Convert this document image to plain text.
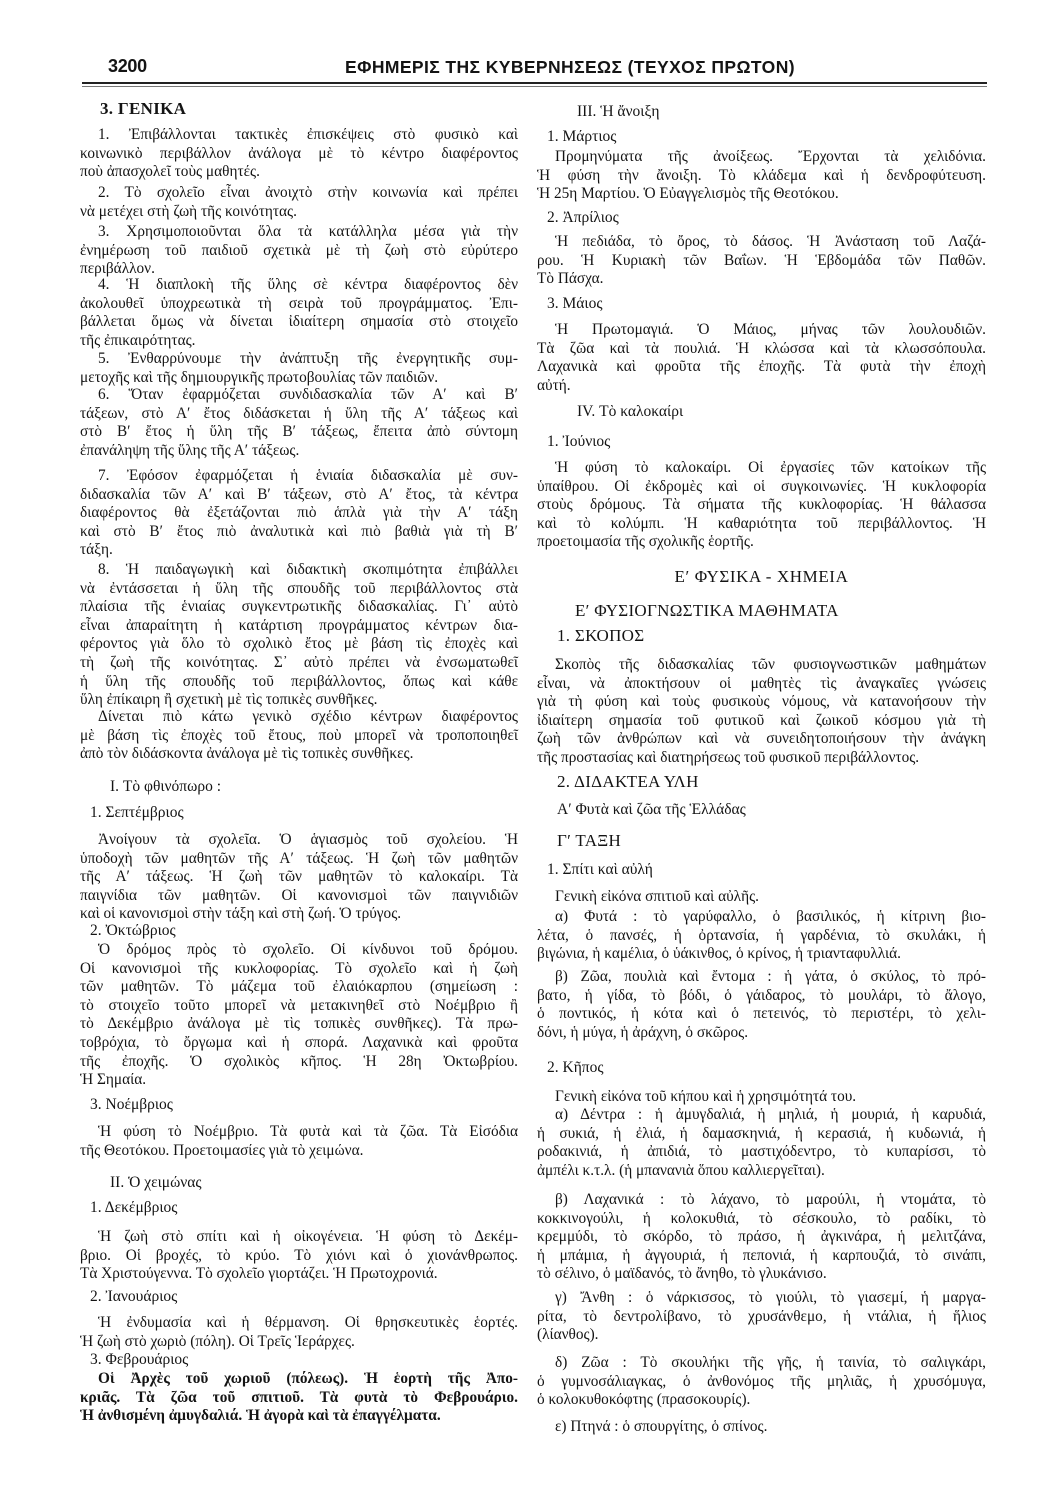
3200	ΕΦΗΜΕΡΙΣ ΤΗΣ ΚΥΒΕΡΝΗΣΕΩΣ (ΤΕΥΧΟΣ ΠΡΩΤΟΝ)
3. ΓΕΝΙΚΑ
1. Ἐπιβάλλονται τακτικὲς ἐπισκέψεις στὸ φυσικὸ καὶ
κοινωνικὸ περιβάλλον ἀνάλογα μὲ τὸ κέντρο διαφέροντος
ποὺ ἀπασχολεῖ τοὺς μαθητές.
2. Τὸ σχολεῖο εἶναι ἀνοιχτὸ στὴν κοινωνία καὶ πρέπει
νὰ μετέχει στὴ ζωὴ τῆς κοινότητας.
3. Χρησιμοποιοῦνται ὅλα τὰ κατάλληλα μέσα γιὰ τὴν
ἐνημέρωση τοῦ παιδιοῦ σχετικὰ μὲ τὴ ζωὴ στὸ εὐρύτερο
περιβάλλον.
4. Ἡ διαπλοκὴ τῆς ὕλης σὲ κέντρα διαφέροντος δὲν
ἀκολουθεῖ ὑποχρεωτικὰ τὴ σειρὰ τοῦ προγράμματος. Ἐπι-
βάλλεται ὅμως νὰ δίνεται ἰδιαίτερη σημασία στὸ στοιχεῖο
τῆς ἐπικαιρότητας.
5. Ἐνθαρρύνουμε τὴν ἀνάπτυξη τῆς ἐνεργητικῆς συμ-
μετοχῆς καὶ τῆς δημιουργικῆς πρωτοβουλίας τῶν παιδιῶν.
6. Ὅταν ἐφαρμόζεται συνδιδασκαλία τῶν Α′ καὶ Β′
τάξεων, στὸ Α′ ἔτος διδάσκεται ἡ ὕλη τῆς Α′ τάξεως καὶ
στὸ Β′ ἔτος ἡ ὕλη τῆς Β′ τάξεως, ἔπειτα ἀπὸ σύντομη
ἐπανάληψη τῆς ὕλης τῆς Α′ τάξεως.
7. Ἐφόσον ἐφαρμόζεται ἡ ἑνιαία διδασκαλία μὲ συν-
διδασκαλία τῶν Α′ καὶ Β′ τάξεων, στὸ Α′ ἔτος, τὰ κέντρα
διαφέροντος θὰ ἐξετάζονται πιὸ ἁπλὰ γιὰ τὴν Α′ τάξη
καὶ στὸ Β′ ἔτος πιὸ ἀναλυτικὰ καὶ πιὸ βαθιὰ γιὰ τὴ Β′
τάξη.
8. Ἡ παιδαγωγικὴ καὶ διδακτικὴ σκοπιμότητα ἐπιβάλλει
νὰ ἐντάσσεται ἡ ὕλη τῆς σπουδῆς τοῦ περιβάλλοντος στὰ
πλαίσια τῆς ἑνιαίας συγκεντρωτικῆς διδασκαλίας. Γι᾽ αὐτὸ
εἶναι ἀπαραίτητη ἡ κατάρτιση προγράμματος κέντρων δια-
φέροντος γιὰ ὅλο τὸ σχολικὸ ἔτος μὲ βάση τὶς ἐποχὲς καὶ
τὴ ζωὴ τῆς κοινότητας. Σ᾽ αὐτὸ πρέπει νὰ ἐνσωματωθεῖ
ἡ ὕλη τῆς σπουδῆς τοῦ περιβάλλοντος, ὅπως καὶ κάθε
ὕλη ἐπίκαιρη ἢ σχετικὴ μὲ τὶς τοπικὲς συνθῆκες.
Δίνεται πιὸ κάτω γενικὸ σχέδιο κέντρων διαφέροντος
μὲ βάση τὶς ἐποχὲς τοῦ ἔτους, ποὺ μπορεῖ νὰ τροποποιηθεῖ
ἀπὸ τὸν διδάσκοντα ἀνάλογα μὲ τὶς τοπικὲς συνθῆκες.
I. Τὸ φθινόπωρο :
1. Σεπτέμβριος
Ἀνοίγουν τὰ σχολεῖα. Ὁ ἁγιασμὸς τοῦ σχολείου. Ἡ
ὑποδοχὴ τῶν μαθητῶν τῆς Α′ τάξεως. Ἡ ζωὴ τῶν μαθητῶν
τῆς Α′ τάξεως. Ἡ ζωὴ τῶν μαθητῶν τὸ καλοκαίρι. Τὰ
παιγνίδια τῶν μαθητῶν. Οἱ κανονισμοὶ τῶν παιγνιδιῶν
καὶ οἱ κανονισμοὶ στὴν τάξη καὶ στὴ ζωή. Ὁ τρύγος.
2. Ὀκτώβριος
Ὁ δρόμος πρὸς τὸ σχολεῖο. Οἱ κίνδυνοι τοῦ δρόμου.
Οἱ κανονισμοὶ τῆς κυκλοφορίας. Τὸ σχολεῖο καὶ ἡ ζωὴ
τῶν μαθητῶν. Τὸ μάζεμα τοῦ ἐλαιόκαρπου (σημείωση :
τὸ στοιχεῖο τοῦτο μπορεῖ νὰ μετακινηθεῖ στὸ Νοέμβριο ἢ
τὸ Δεκέμβριο ἀνάλογα μὲ τὶς τοπικὲς συνθῆκες). Τὰ πρω-
τοβρόχια, τὸ ὄργωμα καὶ ἡ σπορά. Λαχανικὰ καὶ φροῦτα
τῆς ἐποχῆς. Ὁ σχολικὸς κῆπος. Ἡ 28η Ὀκτωβρίου.
Ἡ Σημαία.
3. Νοέμβριος
Ἡ φύση τὸ Νοέμβριο. Τὰ φυτὰ καὶ τὰ ζῶα. Τὰ Εἰσόδια
τῆς Θεοτόκου. Προετοιμασίες γιὰ τὸ χειμώνα.
II. Ὁ χειμώνας
1. Δεκέμβριος
Ἡ ζωὴ στὸ σπίτι καὶ ἡ οἰκογένεια. Ἡ φύση τὸ Δεκέμ-
βριο. Οἱ βροχές, τὸ κρύο. Τὸ χιόνι καὶ ὁ χιονάνθρωπος.
Τὰ Χριστούγεννα. Τὸ σχολεῖο γιορτάζει. Ἡ Πρωτοχρονιά.
2. Ἰανουάριος
Ἡ ἐνδυμασία καὶ ἡ θέρμανση. Οἱ θρησκευτικὲς ἑορτές.
Ἡ ζωὴ στὸ χωριὸ (πόλη). Οἱ Τρεῖς Ἱεράρχες.
3. Φεβρουάριος
Οἱ Ἀρχὲς τοῦ χωριοῦ (πόλεως). Ἡ ἑορτὴ τῆς Ἀπο-
κριᾶς. Τὰ ζῶα τοῦ σπιτιοῦ. Τὰ φυτὰ τὸ Φεβρουάριο.
Ἡ ἀνθισμένη ἀμυγδαλιά. Ἡ ἀγορὰ καὶ τὰ ἐπαγγέλματα.
III. Ἡ ἄνοιξη
1. Μάρτιος
Προμηνύματα τῆς ἀνοίξεως. Ἔρχονται τὰ χελιδόνια.
Ἡ φύση τὴν ἄνοιξη. Τὸ κλάδεμα καὶ ἡ δενδροφύτευση.
Ἡ 25η Μαρτίου. Ὁ Εὐαγγελισμὸς τῆς Θεοτόκου.
2. Ἀπρίλιος
Ἡ πεδιάδα, τὸ ὄρος, τὸ δάσος. Ἡ Ἀνάσταση τοῦ Λαζά-
ρου. Ἡ Κυριακὴ τῶν Βαΐων. Ἡ Ἑβδομάδα τῶν Παθῶν.
Τὸ Πάσχα.
3. Μάιος
Ἡ Πρωτομαγιά. Ὁ Μάιος, μήνας τῶν λουλουδιῶν.
Τὰ ζῶα καὶ τὰ πουλιά. Ἡ κλώσσα καὶ τὰ κλωσσόπουλα.
Λαχανικὰ καὶ φροῦτα τῆς ἐποχῆς. Τὰ φυτὰ τὴν ἐποχὴ
αὐτή.
IV. Τὸ καλοκαίρι
1. Ἰούνιος
Ἡ φύση τὸ καλοκαίρι. Οἱ ἐργασίες τῶν κατοίκων τῆς
ὑπαίθρου. Οἱ ἐκδρομὲς καὶ οἱ συγκοινωνίες. Ἡ κυκλοφορία
στοὺς δρόμους. Τὰ σήματα τῆς κυκλοφορίας. Ἡ θάλασσα
καὶ τὸ κολύμπι. Ἡ καθαριότητα τοῦ περιβάλλοντος. Ἡ
προετοιμασία τῆς σχολικῆς ἑορτῆς.
Ε′ ΦΥΣΙΚΑ - ΧΗΜΕΙΑ
Ε′ ΦΥΣΙΟΓΝΩΣΤΙΚΑ ΜΑΘΗΜΑΤΑ
1. ΣΚΟΠΟΣ
Σκοπὸς τῆς διδασκαλίας τῶν φυσιογνωστικῶν μαθημάτων
εἶναι, νὰ ἀποκτήσουν οἱ μαθητὲς τὶς ἀναγκαῖες γνώσεις
γιὰ τὴ φύση καὶ τοὺς φυσικοὺς νόμους, νὰ κατανοήσουν τὴν
ἰδιαίτερη σημασία τοῦ φυτικοῦ καὶ ζωικοῦ κόσμου γιὰ τὴ
ζωὴ τῶν ἀνθρώπων καὶ νὰ συνειδητοποιήσουν τὴν ἀνάγκη
τῆς προστασίας καὶ διατηρήσεως τοῦ φυσικοῦ περιβάλλοντος.
2. ΔΙΔΑΚΤΕΑ ΥΛΗ
Α′ Φυτὰ καὶ ζῶα τῆς Ἑλλάδας
Γ′ ΤΑΞΗ
1. Σπίτι καὶ αὐλή
Γενικὴ εἰκόνα σπιτιοῦ καὶ αὐλῆς.
α) Φυτά : τὸ γαρύφαλλο, ὁ βασιλικός, ἡ κίτρινη βιο-
λέτα, ὁ πανσές, ἡ ὀρτανσία, ἡ γαρδένια, τὸ σκυλάκι, ἡ
βιγώνια, ἡ καμέλια, ὁ ὑάκινθος, ὁ κρίνος, ἡ τριανταφυλλιά.
β) Ζῶα, πουλιὰ καὶ ἔντομα : ἡ γάτα, ὁ σκύλος, τὸ πρό-
βατο, ἡ γίδα, τὸ βόδι, ὁ γάιδαρος, τὸ μουλάρι, τὸ ἄλογο,
ὁ ποντικός, ἡ κότα καὶ ὁ πετεινός, τὸ περιστέρι, τὸ χελι-
δόνι, ἡ μύγα, ἡ ἀράχνη, ὁ σκῶρος.
2. Κῆπος
Γενικὴ εἰκόνα τοῦ κήπου καὶ ἡ χρησιμότητά του.
α) Δέντρα : ἡ ἀμυγδαλιά, ἡ μηλιά, ἡ μουριά, ἡ καρυδιά,
ἡ συκιά, ἡ ἐλιά, ἡ δαμασκηνιά, ἡ κερασιά, ἡ κυδωνιά, ἡ
ροδακινιά, ἡ ἀπιδιά, τὸ μαστιχόδεντρο, τὸ κυπαρίσσι, τὸ
ἀμπέλι κ.τ.λ. (ἡ μπανανιὰ ὅπου καλλιεργεῖται).
β) Λαχανικά : τὸ λάχανο, τὸ μαρούλι, ἡ ντομάτα, τὸ
κοκκινογούλι, ἡ κολοκυθιά, τὸ σέσκουλο, τὸ ραδίκι, τὸ
κρεμμύδι, τὸ σκόρδο, τὸ πράσο, ἡ ἀγκινάρα, ἡ μελιτζάνα,
ἡ μπάμια, ἡ ἀγγουριά, ἡ πεπονιά, ἡ καρπουζιά, τὸ σινάπι,
τὸ σέλινο, ὁ μαϊδανός, τὸ ἄνηθο, τὸ γλυκάνισο.
γ) Ἄνθη : ὁ νάρκισσος, τὸ γιούλι, τὸ γιασεμί, ἡ μαργα-
ρίτα, τὸ δεντρολίβανο, τὸ χρυσάνθεμο, ἡ ντάλια, ἡ ἥλιος
(λίανθος).
δ) Ζῶα : Τὸ σκουλήκι τῆς γῆς, ἡ ταινία, τὸ σαλιγκάρι,
ὁ γυμνοσάλιαγκας, ὁ ἀνθονόμος τῆς μηλιᾶς, ἡ χρυσόμυγα,
ὁ κολοκυθοκόφτης (πρασοκουρίς).
ε) Πτηνά : ὁ σπουργίτης, ὁ σπίνος.
